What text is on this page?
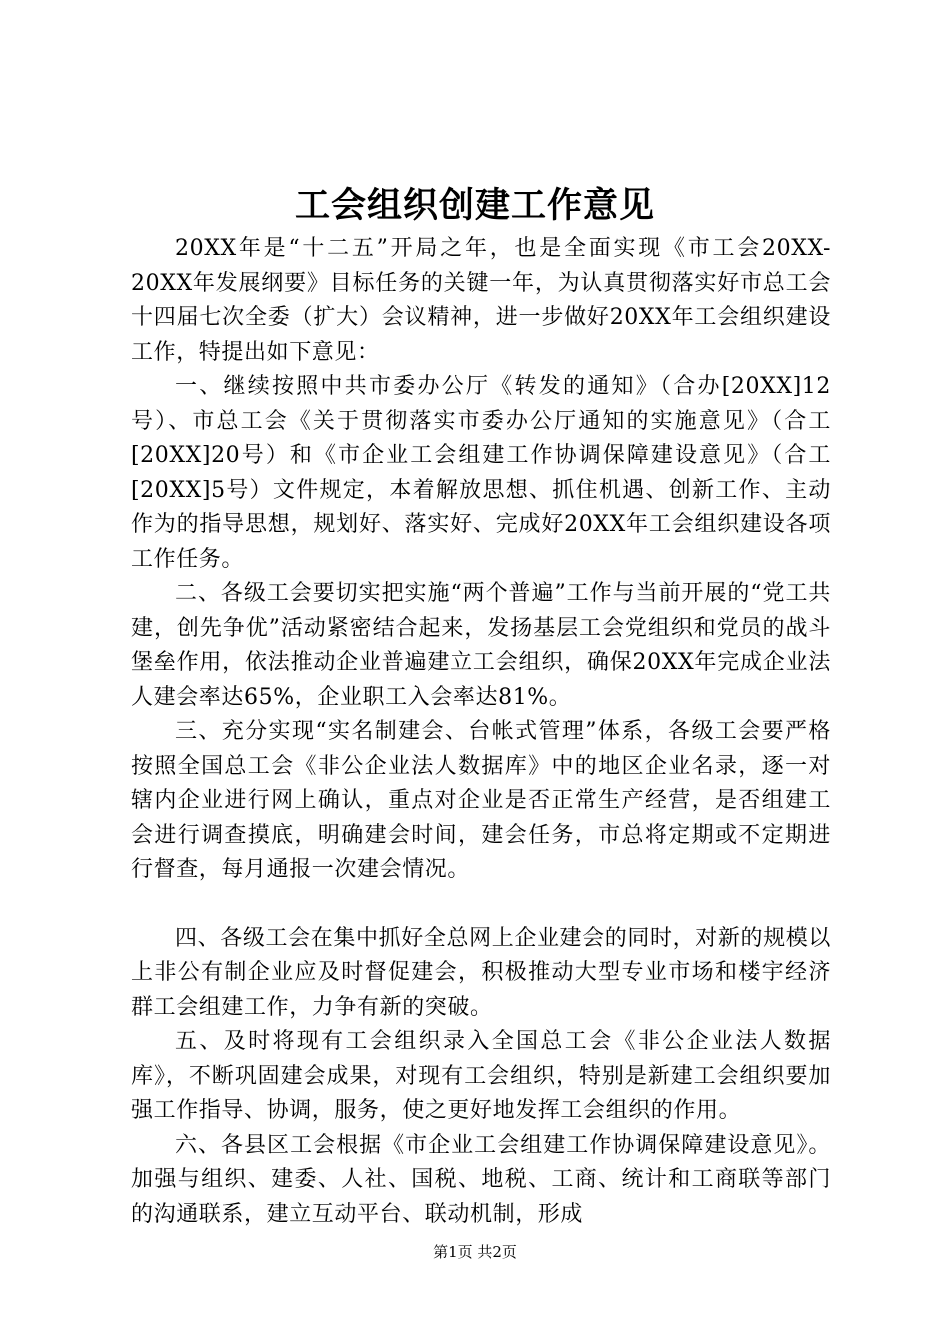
工会组织创建工作意见

20XX年是“十二五”开局之年，也是全面实现《市工会20XX-20XX年发展纲要》目标任务的关键一年，为认真贯彻落实好市总工会十四届七次全委（扩大）会议精神，进一步做好20XX年工会组织建设工作，特提出如下意见：

一、继续按照中共市委办公厅《转发的通知》（合办[20XX]12号）、市总工会《关于贯彻落实市委办公厅通知的实施意见》（合工[20XX]20号）和《市企业工会组建工作协调保障建设意见》（合工[20XX]5号）文件规定，本着解放思想、抓住机遇、创新工作、主动作为的指导思想，规划好、落实好、完成好20XX年工会组织建设各项工作任务。

二、各级工会要切实把实施“两个普遍”工作与当前开展的“党工共建，创先争优”活动紧密结合起来，发扬基层工会党组织和党员的战斗堡垒作用，依法推动企业普遍建立工会组织，确保20XX年完成企业法人建会率达65%，企业职工入会率达81%。

三、充分实现“实名制建会、台帐式管理”体系，各级工会要严格按照全国总工会《非公企业法人数据库》中的地区企业名录，逐一对辖内企业进行网上确认，重点对企业是否正常生产经营，是否组建工会进行调查摸底，明确建会时间，建会任务，市总将定期或不定期进行督查，每月通报一次建会情况。

四、各级工会在集中抓好全总网上企业建会的同时，对新的规模以上非公有制企业应及时督促建会，积极推动大型专业市场和楼宇经济群工会组建工作，力争有新的突破。

五、及时将现有工会组织录入全国总工会《非公企业法人数据库》，不断巩固建会成果，对现有工会组织，特别是新建工会组织要加强工作指导、协调，服务，使之更好地发挥工会组织的作用。

六、各县区工会根据《市企业工会组建工作协调保障建设意见》。加强与组织、建委、人社、国税、地税、工商、统计和工商联等部门的沟通联系，建立互动平台、联动机制，形成

第1页 共2页
